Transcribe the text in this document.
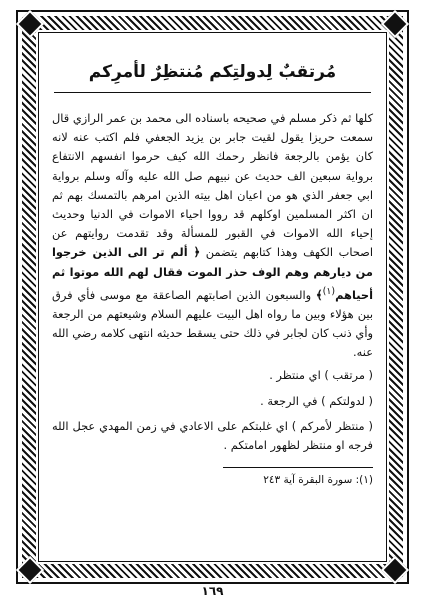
مُرتقبٌ لِدولتِكم مُنتظِرٌ لأمرِكم

كلها ثم ذكر مسلم في صحيحه باسناده الى محمد بن عمر الرازي قال سمعت حريزا يقول لقيت جابر بن يزيد الجعفي فلم اكتب عنه لانه كان يؤمن بالرجعة فانظر رحمك الله كيف حرموا انفسهم الانتفاع برواية سبعين الف حديث عن نبيهم صل الله عليه وآله وسلم برواية ابي جعفر الذي هو من اعيان اهل بيته الذين امرهم بالتمسك بهم ثم ان اكثر المسلمين اوكلهم قد رووا احياء الاموات في الدنيا وحديث إحياء الله الاموات في القبور للمسألة وقد تقدمت روايتهم عن اصحاب الكهف وهذا كتابهم يتضمن ﴿ ألم تر الى الذين خرجوا من ديارهم وهم الوف حذر الموت فقال لهم الله موتوا ثم أحياهم$^{(١)}$﴾ والسبعون الذين اصابتهم الصاعقة مع موسى فأي فرق بين هؤلاء وبين ما رواه اهل البيت عليهم السلام وشيعتهم من الرجعة وأي ذنب كان لجابر في ذلك حتى يسقط حديثه انتهى كلامه رضي الله عنه.

( مرتقب ) اي منتظر .

( لدولتكم ) في الرجعة .

( منتظر لأمركم ) اي غلبتكم على الاعادي في زمن المهدي عجل الله فرجه او منتظر لظهور امامتكم .

(١): سورة البقرة آية ٢٤٣
١٦٩
